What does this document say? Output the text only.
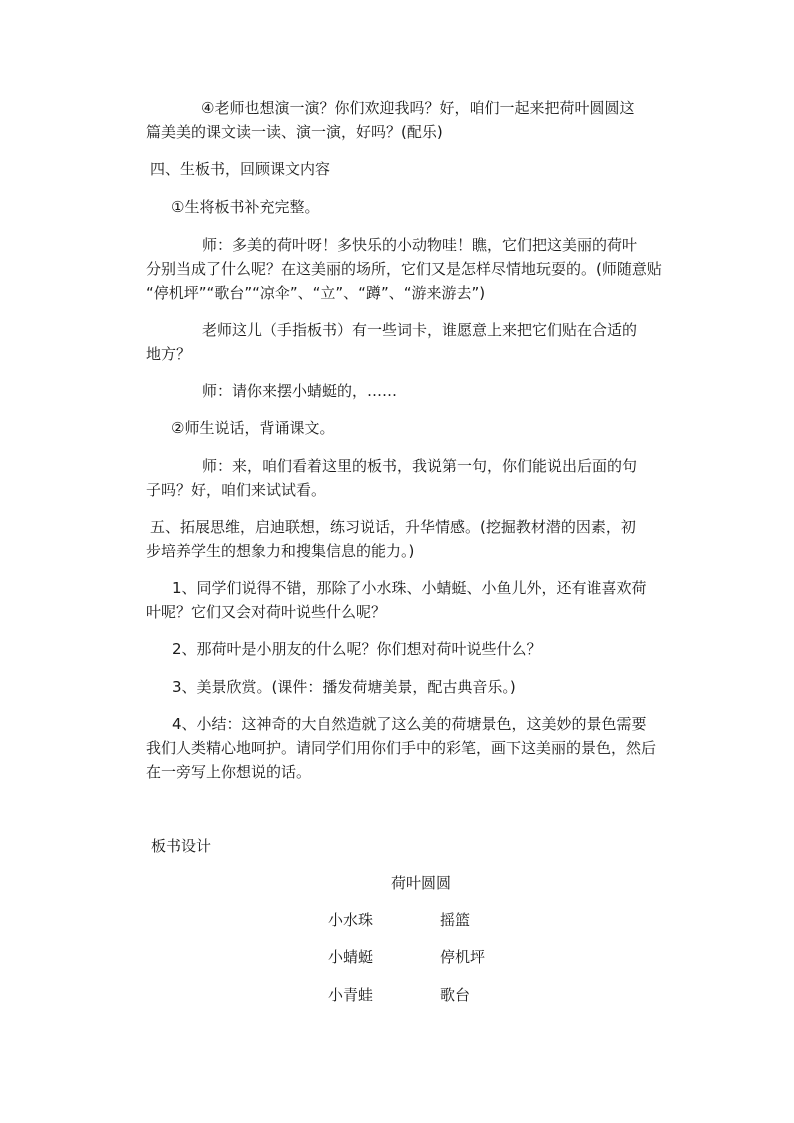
④老师也想演一演？你们欢迎我吗？好，咱们一起来把荷叶圆圆这

篇美美的课文读一读、演一演，好吗？(配乐)

四、生板书，回顾课文内容

①生将板书补充完整。

师：多美的荷叶呀！多快乐的小动物哇！瞧，它们把这美丽的荷叶

分别当成了什么呢？在这美丽的场所，它们又是怎样尽情地玩耍的。(师随意贴

“停机坪”“歌台”“凉伞”、“立”、“蹲”、“游来游去”)

老师这儿（手指板书）有一些词卡，谁愿意上来把它们贴在合适的

地方？

师：请你来摆小蜻蜓的，……

②师生说话，背诵课文。

师：来，咱们看着这里的板书，我说第一句，你们能说出后面的句

子吗？好，咱们来试试看。

五、拓展思维，启迪联想，练习说话，升华情感。(挖掘教材潜的因素，初

步培养学生的想象力和搜集信息的能力。)

1、同学们说得不错，那除了小水珠、小蜻蜓、小鱼儿外，还有谁喜欢荷

叶呢？它们又会对荷叶说些什么呢？

2、那荷叶是小朋友的什么呢？你们想对荷叶说些什么？

3、美景欣赏。(课件：播发荷塘美景，配古典音乐。)

4、小结：这神奇的大自然造就了这么美的荷塘景色，这美妙的景色需要

我们人类精心地呵护。请同学们用你们手中的彩笔，画下这美丽的景色，然后

在一旁写上你想说的话。

板书设计

荷叶圆圆

小水珠	摇篮

小蜻蜓	停机坪

小青蛙	歌台
